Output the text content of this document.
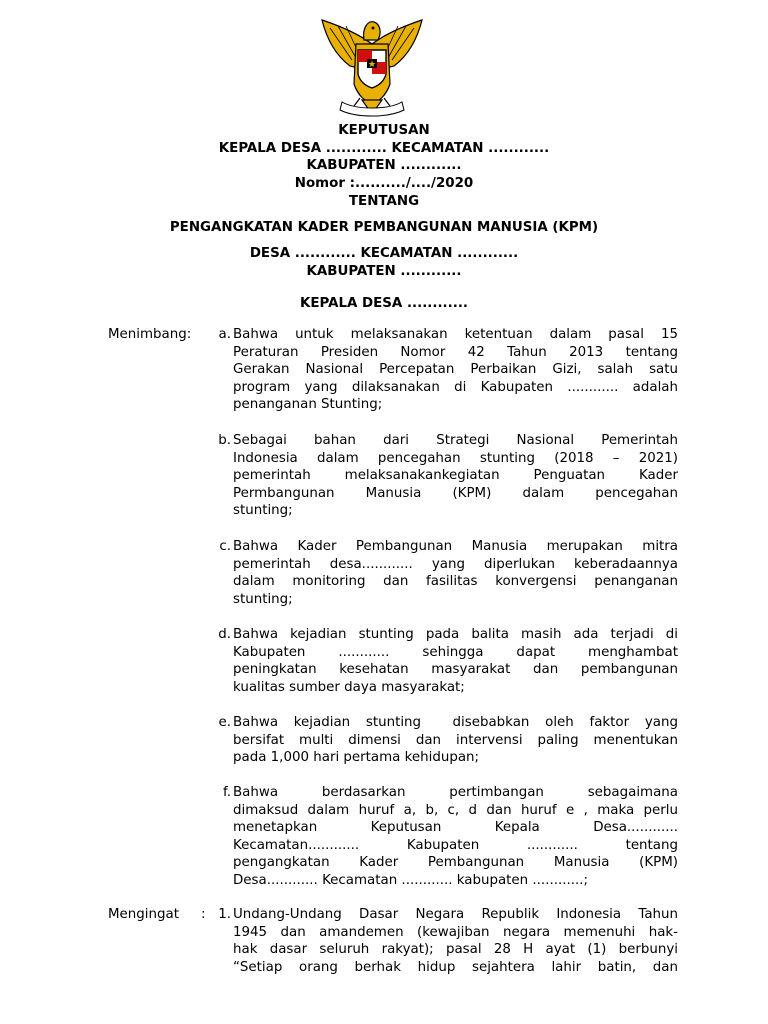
KEPUTUSAN
KEPALA DESA ............ KECAMATAN ............
KABUPATEN ............
Nomor :........../..../2020
TENTANG
PENGANGKATAN KADER PEMBANGUNAN MANUSIA (KPM)
DESA ............ KECAMATAN ............
KABUPATEN ............
KEPALA DESA ............
Menimbang:	a. Bahwa untuk melaksanakan ketentuan dalam pasal 15
Peraturan Presiden Nomor 42 Tahun 2013 tentang
Gerakan Nasional Percepatan Perbaikan Gizi, salah satu
program yang dilaksanakan di Kabupaten ............ adalah
penanganan Stunting;
b. Sebagai bahan dari Strategi Nasional Pemerintah
Indonesia dalam pencegahan stunting (2018 – 2021)
pemerintah melaksanakankegiatan Penguatan Kader
Permbangunan Manusia (KPM) dalam pencegahan
stunting;
c. Bahwa Kader Pembangunan Manusia merupakan mitra
pemerintah desa............ yang diperlukan keberadaannya
dalam monitoring dan fasilitas konvergensi penanganan
stunting;
d. Bahwa kejadian stunting pada balita masih ada terjadi di
Kabupaten ............ sehingga dapat menghambat
peningkatan kesehatan masyarakat dan pembangunan
kualitas sumber daya masyarakat;
e. Bahwa kejadian stunting  disebabkan oleh faktor yang
bersifat multi dimensi dan intervensi paling menentukan
pada 1,000 hari pertama kehidupan;
f. Bahwa berdasarkan pertimbangan sebagaimana
dimaksud dalam huruf a, b, c, d dan huruf e , maka perlu
menetapkan Keputusan Kepala Desa............
Kecamatan............ Kabupaten ............ tentang
pengangkatan Kader Pembangunan Manusia (KPM)
Desa............ Kecamatan ............ kabupaten ............;
Mengingat	: 1. Undang-Undang Dasar Negara Republik Indonesia Tahun
1945 dan amandemen (kewajiban negara memenuhi hak-
hak dasar seluruh rakyat); pasal 28 H ayat (1) berbunyi
“Setiap orang berhak hidup sejahtera lahir batin, dan
